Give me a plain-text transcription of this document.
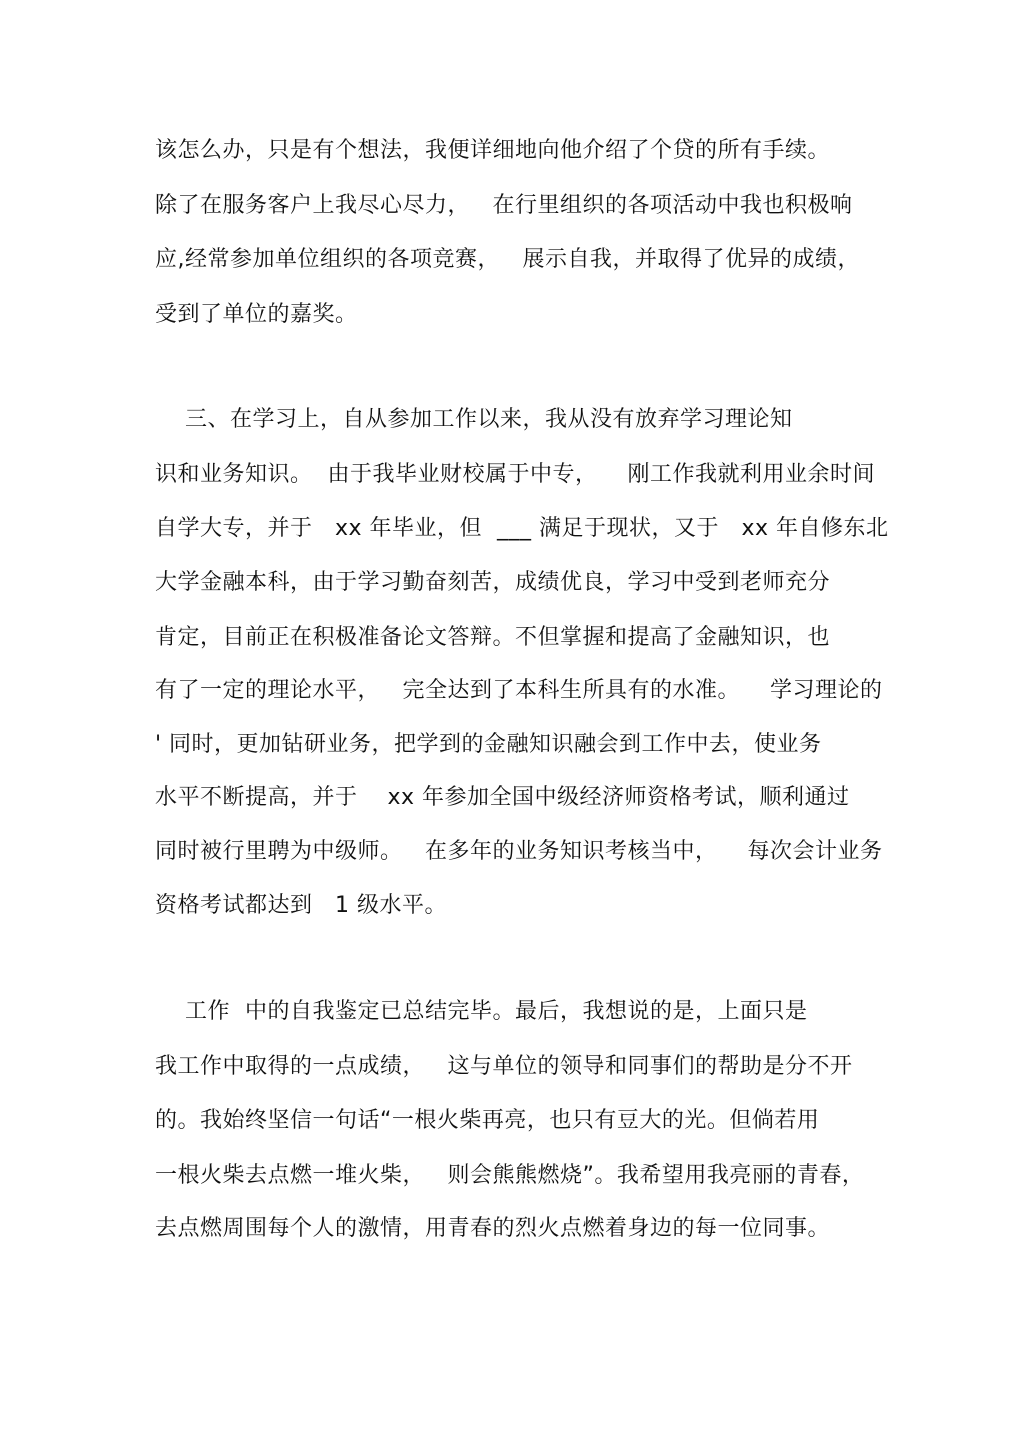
该怎么办，只是有个想法，我便详细地向他介绍了个贷的所有手续。
除了在服务客户上我尽心尽力，   在行里组织的各项活动中我也积极响
应,经常参加单位组织的各项竞赛，   展示自我，并取得了优异的成绩，
受到了单位的嘉奖。
三、在学习上，自从参加工作以来，我从没有放弃学习理论知
识和业务知识。  由于我毕业财校属于中专，    刚工作我就利用业余时间
自学大专，并于   xx 年毕业，但  ___ 满足于现状，又于   xx 年自修东北
大学金融本科，由于学习勤奋刻苦，成绩优良，学习中受到老师充分
肯定，目前正在积极准备论文答辩。不但掌握和提高了金融知识，也
有了一定的理论水平，   完全达到了本科生所具有的水准。    学习理论的
' 同时，更加钻研业务，把学到的金融知识融会到工作中去，使业务
水平不断提高，并于    xx 年参加全国中级经济师资格考试，顺利通过
同时被行里聘为中级师。   在多年的业务知识考核当中，    每次会计业务
资格考试都达到   1 级水平。
工作  中的自我鉴定已总结完毕。最后，我想说的是，上面只是
我工作中取得的一点成绩，   这与单位的领导和同事们的帮助是分不开
的。我始终坚信一句话“一根火柴再亮，也只有豆大的光。但倘若用
一根火柴去点燃一堆火柴，   则会熊熊燃烧”。我希望用我亮丽的青春，
去点燃周围每个人的激情，用青春的烈火点燃着身边的每一位同事。
